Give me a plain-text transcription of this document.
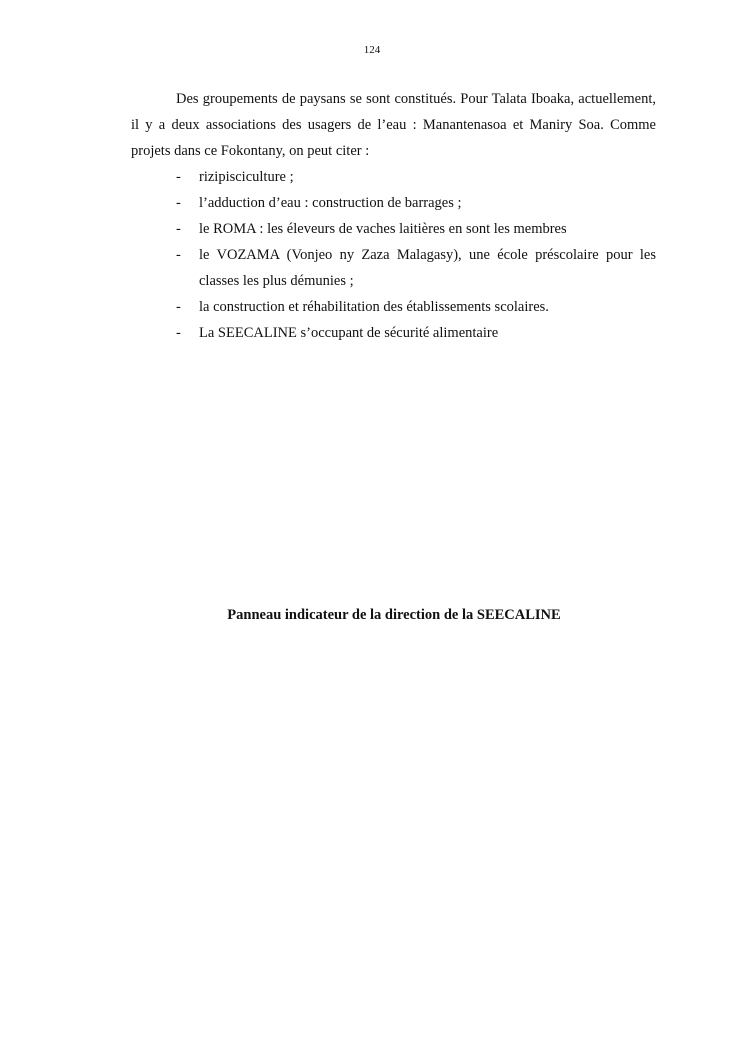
124

Des groupements de paysans se sont constitués. Pour Talata Iboaka, actuellement, il y a deux associations des usagers de l’eau : Manantenasoa et Maniry Soa. Comme projets dans ce Fokontany, on peut citer :

- rizipisciculture ;
- l’adduction d’eau : construction de barrages ;
- le ROMA : les éleveurs de vaches laitières en sont les membres
- le VOZAMA (Vonjeo ny Zaza Malagasy), une école préscolaire pour les classes les plus démunies ;
- la construction et réhabilitation des établissements scolaires.
- La SEECALINE s’occupant de sécurité alimentaire
Panneau indicateur de la direction de la SEECALINE
